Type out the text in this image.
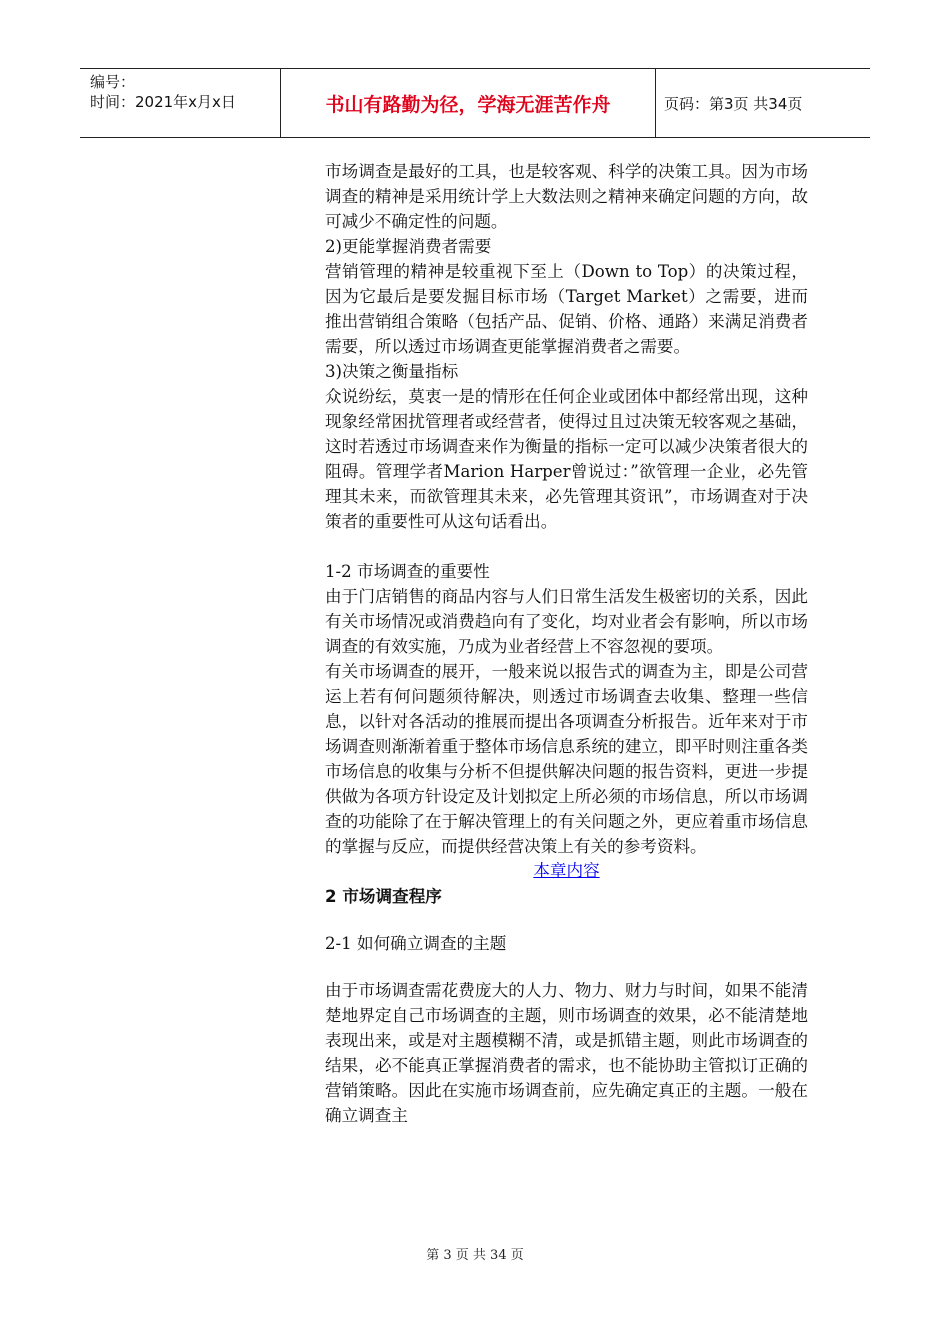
编号：
时间：2021年x月x日	书山有路勤为径，学海无涯苦作舟	页码：第3页 共34页

市场调查是最好的工具，也是较客观、科学的决策工具。因为市场调查的精神是采用统计学上大数法则之精神来确定问题的方向，故可减少不确定性的问题。

2)更能掌握消费者需要

营销管理的精神是较重视下至上（Down to Top）的决策过程，因为它最后是要发掘目标市场（Target Market）之需要，进而推出营销组合策略（包括产品、促销、价格、通路）来满足消费者需要，所以透过市场调查更能掌握消费者之需要。

3)决策之衡量指标

众说纷纭，莫衷一是的情形在任何企业或团体中都经常出现，这种现象经常困扰管理者或经营者，使得过且过决策无较客观之基础，这时若透过市场调查来作为衡量的指标一定可以减少决策者很大的阻碍。管理学者Marion Harper曾说过：”欲管理一企业，必先管理其未来，而欲管理其未来，必先管理其资讯”，市场调查对于决策者的重要性可从这句话看出。

1-2 市场调查的重要性

由于门店销售的商品内容与人们日常生活发生极密切的关系，因此有关市场情况或消费趋向有了变化，均对业者会有影响，所以市场调查的有效实施，乃成为业者经营上不容忽视的要项。

有关市场调查的展开，一般来说以报告式的调查为主，即是公司营运上若有何问题须待解决，则透过市场调查去收集、整理一些信息，以针对各活动的推展而提出各项调查分析报告。近年来对于市场调查则渐渐着重于整体市场信息系统的建立，即平时则注重各类市场信息的收集与分析不但提供解决问题的报告资料，更进一步提供做为各项方针设定及计划拟定上所必须的市场信息，所以市场调查的功能除了在于解决管理上的有关问题之外，更应着重市场信息的掌握与反应，而提供经营决策上有关的参考资料。

本章内容

2 市场调查程序

2-1 如何确立调查的主题

由于市场调查需花费庞大的人力、物力、财力与时间，如果不能清楚地界定自己市场调查的主题，则市场调查的效果，必不能清楚地表现出来，或是对主题模糊不清，或是抓错主题，则此市场调查的结果，必不能真正掌握消费者的需求，也不能协助主管拟订正确的营销策略。因此在实施市场调查前，应先确定真正的主题。一般在确立调查主

第 3 页 共 34 页
